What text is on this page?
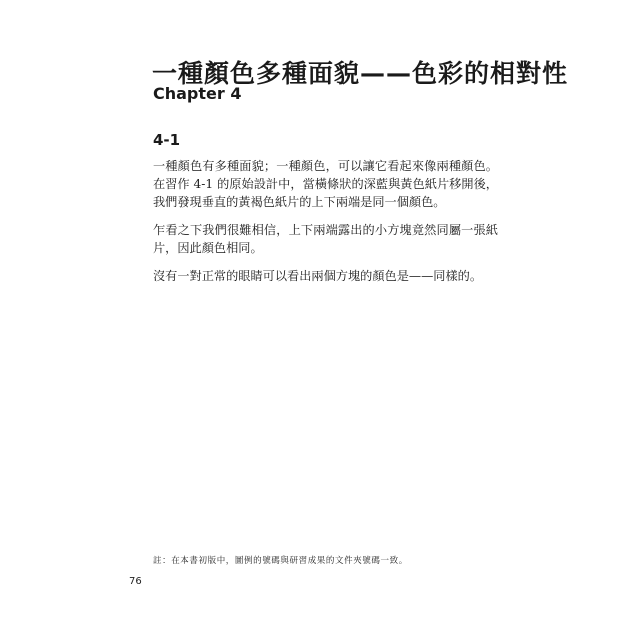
一種顏色多種面貌——色彩的相對性
Chapter 4
4-1
一種顏色有多種面貌；一種顏色，可以讓它看起來像兩種顏色。在習作 4-1 的原始設計中，當橫條狀的深藍與黃色紙片移開後，我們發現垂直的黃褐色紙片的上下兩端是同一個顏色。
乍看之下我們很難相信，上下兩端露出的小方塊竟然同屬一張紙片，因此顏色相同。
沒有一對正常的眼睛可以看出兩個方塊的顏色是——同樣的。
註：在本書初版中，圖例的號碼與研習成果的文件夾號碼一致。
76
